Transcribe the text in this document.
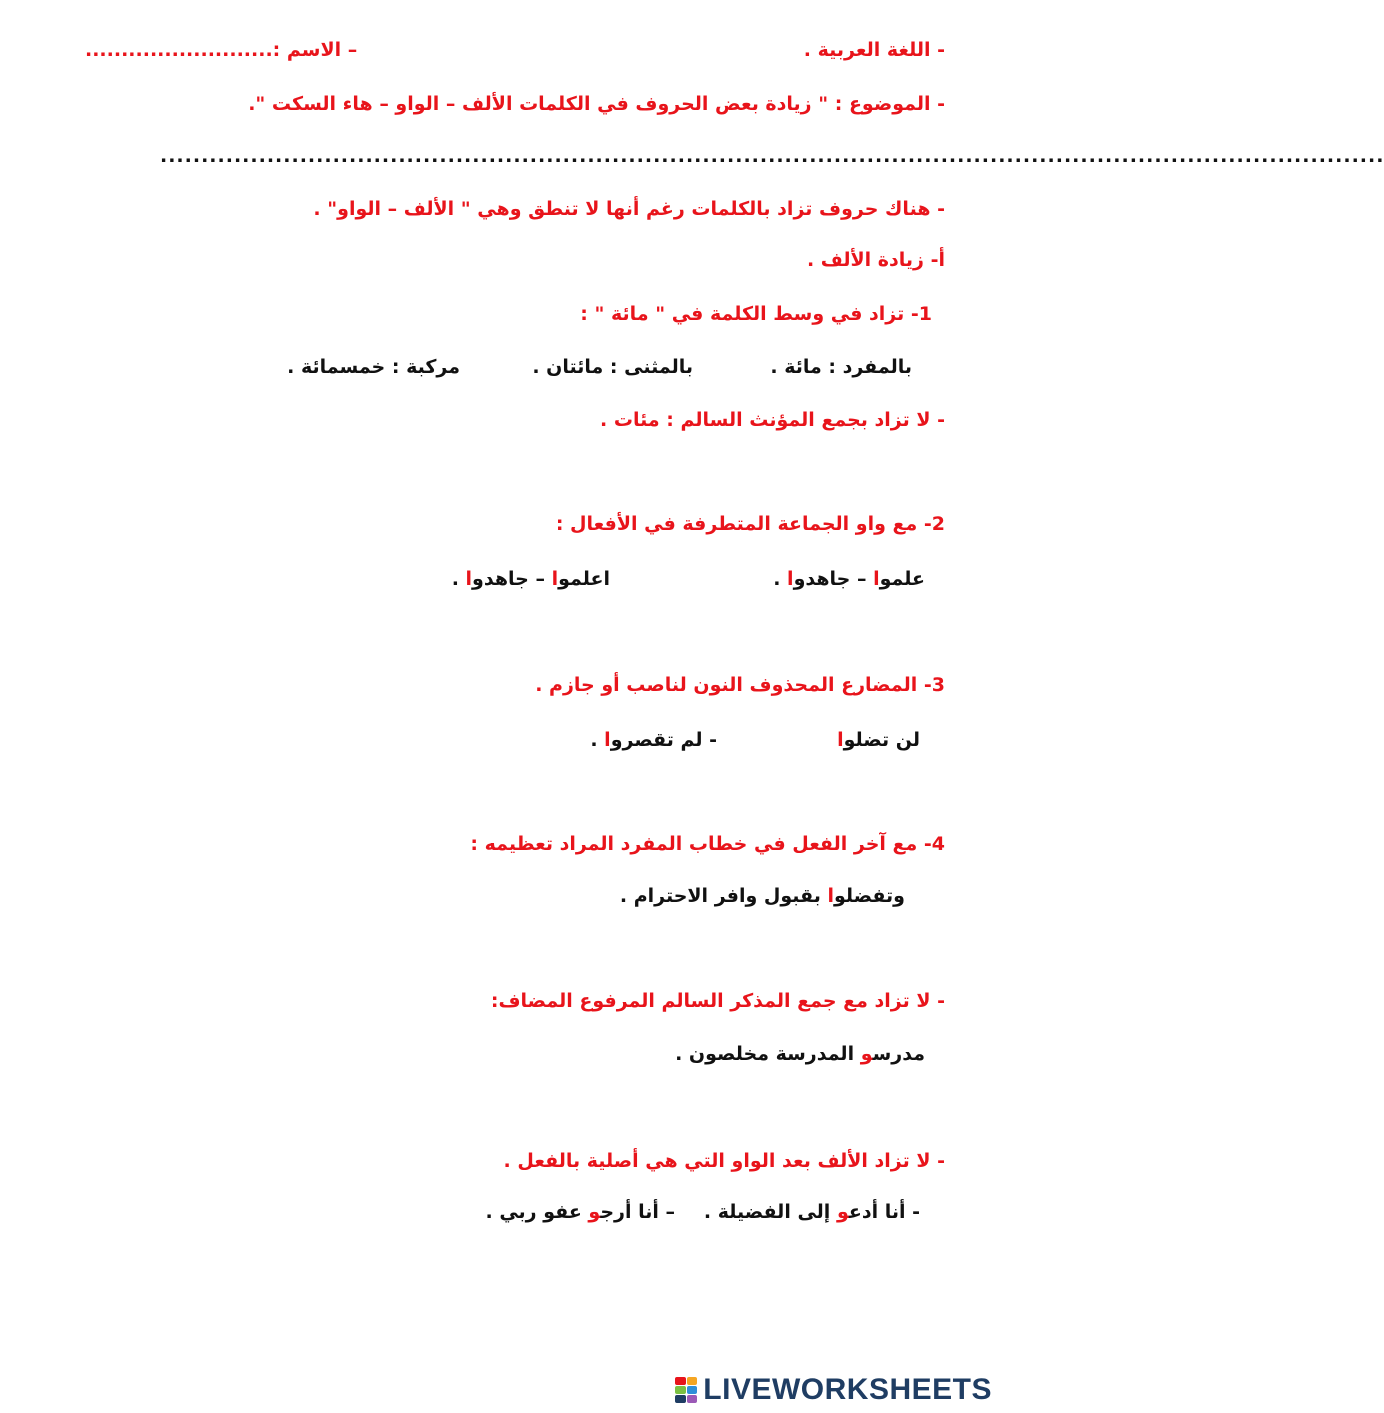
- اللغة العربية .
– الاسم :..........................
- الموضوع : " زيادة بعض الحروف في الكلمات الألف – الواو – هاء السكت ".
.....................................................................................................................................................
- هناك حروف تزاد بالكلمات رغم أنها لا تنطق وهي " الألف – الواو" .
أ- زيادة الألف .
1- تزاد في وسط الكلمة في " مائة " :
بالمفرد : مائة .
بالمثنى : مائتان .
مركبة : خمسمائة .
- لا تزاد بجمع المؤنث السالم : مئات .
2- مع واو الجماعة المتطرفة في الأفعال :
علموا – جاهدوا .
اعلموا – جاهدوا .
3- المضارع المحذوف النون لناصب أو جازم .
لن تضلوا
- لم تقصروا .
4- مع آخر الفعل في خطاب المفرد المراد تعظيمه :
وتفضلوا بقبول وافر الاحترام .
- لا تزاد مع جمع المذكر السالم المرفوع المضاف:
مدرسو المدرسة مخلصون .
- لا تزاد الألف بعد الواو التي هي أصلية بالفعل .
- أنا أدعو إلى الفضيلة .
– أنا أرجو عفو ربي .
LIVEWORKSHEETS
